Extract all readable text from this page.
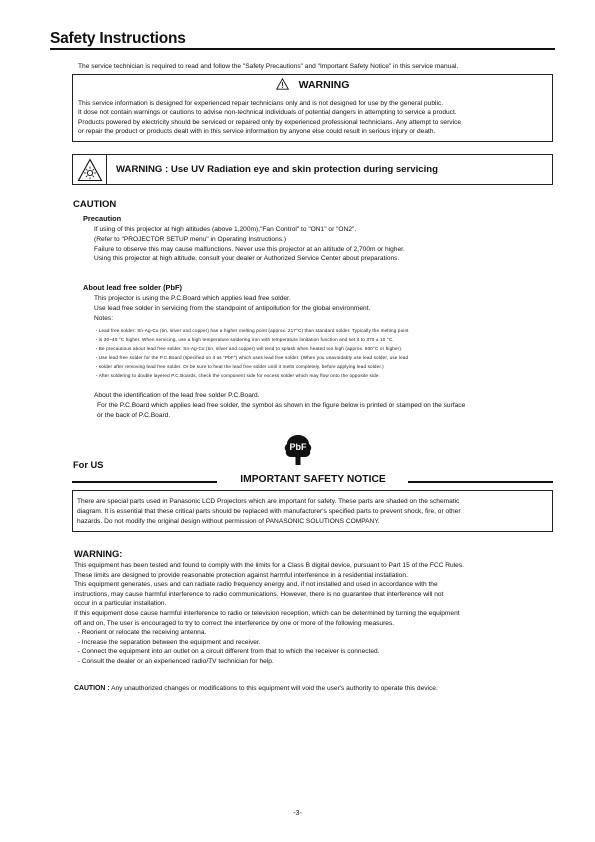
Safety Instructions
The service technician is required to read and follow the "Safety Precautions" and "Important Safety Notice" in this service manual.
WARNING
This service information is designed for experienced repair technicians only and is not designed for use by the general public.
It dose not contain warnings or cautions to advise non-technical individuals of potential dangers in attempting to service a product.
Products powered by electricity should be serviced or repaired only by experienced professional technicians. Any attempt to service
or repair the product or products dealt with in this service information by anyone else could result in serious injury or death.
WARNING : Use UV Radiation eye and skin protection during servicing
CAUTION
Precaution
If using of this projector at high altitudes (above 1,200m),"Fan Control" to "ON1" or "ON2".
(Refer to "PROJECTOR SETUP menu" in Operating Instructions.)
Failure to observe this may cause malfunctions. Never use this projector at an altitude of 2,700m or higher.
Using this projector at high altitude, consult your dealer or Authorized Service Center about preparations.
About lead free solder (PbF)
This projector is using the P.C.Board which applies lead free solder.
Use lead free solder in servicing from the standpoint of antipollution for the global environment.
Notes:
・Lead free solder: Sn-Ag-Cu (tin, silver and copper) has a higher melting point (approx. 217°C) than standard solder. Typically the melting point
・is 30~40 °C higher. When servicing, use a high temperature soldering iron with temperature limitation function and set it to 370 ± 10 °C.
・Be precautious about lead free solder. Sn-Ag-Cu (tin, silver and copper) will tend to splash when heated too high (approx. 600°C or higher).
・Use lead free solder for the P.C.Board (specified on it as "PbF") which uses lead free solder. (When you unavoidably use lead solder, use lead
・solder after removing lead free solder. Or be sure to heat the lead free solder until it melts completely, before applying lead solder.)
・After soldering to double layered P.C.Boards, check the component side for excess solder which may flow onto the opposite side.
About the identification of the lead free solder P.C.Board.
For the P.C.Board which applies lead free solder, the symbol as shown in the figure below is printed or stamped on the surface
or the back of P.C.Board.
PbF
For US
IMPORTANT SAFETY NOTICE
There are special parts used in Panasonic LCD Projectors which are important for safety. These parts are shaded on the schematic
diagram. It is essential that these critical parts should be replaced with manufacturer's specified parts to prevent shock, fire, or other
hazards. Do not modify the original design without permission of PANASONIC SOLUTIONS COMPANY.
WARNING:
This equipment has been tested and found to comply with the limits for a Class B digital device, pursuant to Part 15 of the FCC Rules.
These limits are designed to provide reasonable protection against harmful interference in a residential installation.
This equipment generates, uses and can radiate radio frequency energy and, if not installed and used in accordance with the
instructions, may cause harmful interference to radio communications. However, there is no guarantee that interference will not
occur in a particular installation.
If this equipment dose cause harmful interference to radio or television reception, which can be determined by turning the equipment
off and on, The user is encouraged to try to correct the interference by one or more of the following measures.
- Reorient or relocate the receiving antenna.
- Increase the separation between the equipment and receiver.
- Connect the equipment into an outlet on a circuit different from that to which the receiver is connected.
- Consult the dealer or an experienced radio/TV technician for help.
CAUTION : Any unauthorized changes or modifications to this equipment will void the user's authority to operate this device.
-3-
